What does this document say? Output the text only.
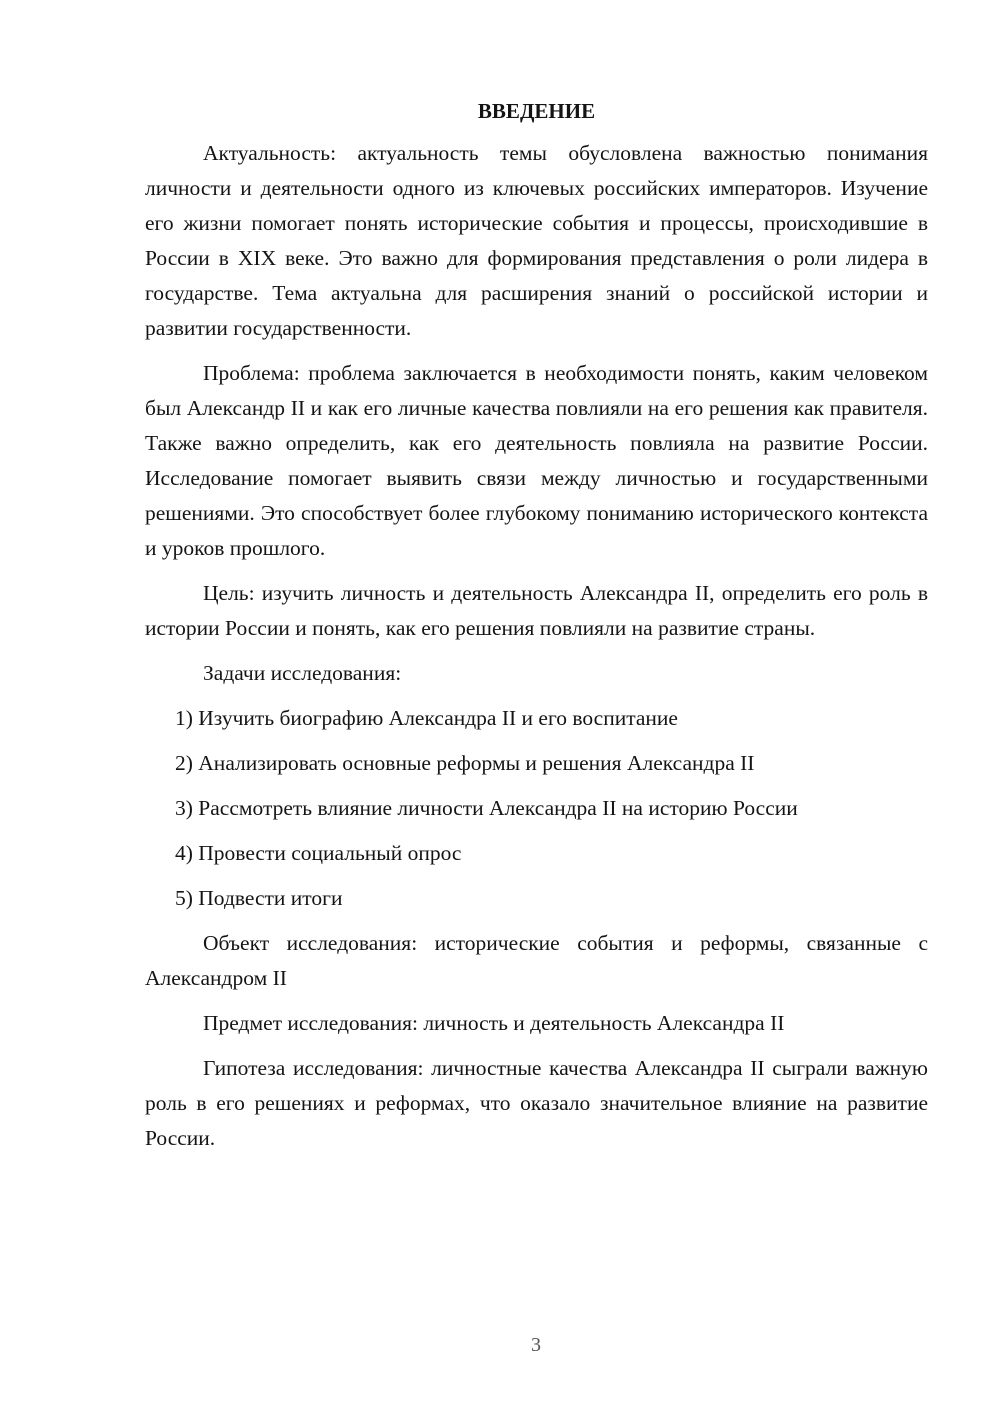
ВВЕДЕНИЕ

Актуальность: актуальность темы обусловлена важностью понимания личности и деятельности одного из ключевых российских императоров. Изучение его жизни помогает понять исторические события и процессы, происходившие в России в XIX веке. Это важно для формирования представления о роли лидера в государстве. Тема актуальна для расширения знаний о российской истории и развитии государственности.

Проблема: проблема заключается в необходимости понять, каким человеком был Александр II и как его личные качества повлияли на его решения как правителя. Также важно определить, как его деятельность повлияла на развитие России. Исследование помогает выявить связи между личностью и государственными решениями. Это способствует более глубокому пониманию исторического контекста и уроков прошлого.

Цель: изучить личность и деятельность Александра II, определить его роль в истории России и понять, как его решения повлияли на развитие страны.

Задачи исследования:

1) Изучить биографию Александра II и его воспитание
2) Анализировать основные реформы и решения Александра II
3) Рассмотреть влияние личности Александра II на историю России
4) Провести социальный опрос
5) Подвести итоги

Объект исследования: исторические события и реформы, связанные с Александром II

Предмет исследования: личность и деятельность Александра II

Гипотеза исследования: личностные качества Александра II сыграли важную роль в его решениях и реформах, что оказало значительное влияние на развитие России.

3
